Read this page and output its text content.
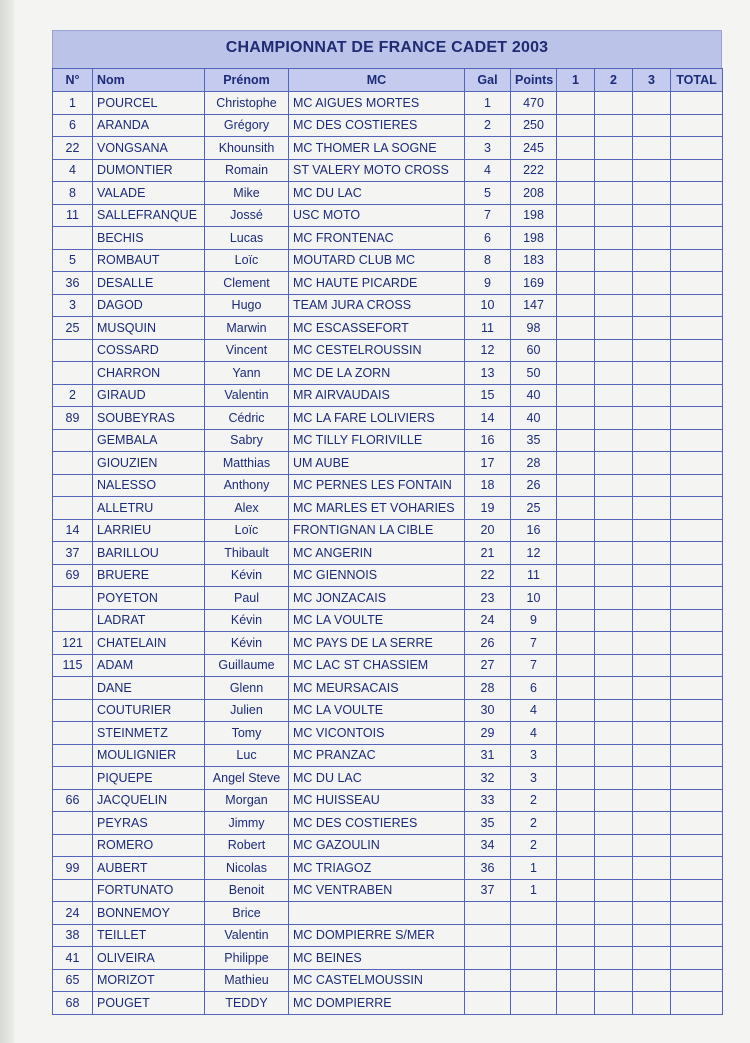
CHAMPIONNAT DE FRANCE CADET 2003
N°	Nom	Prénom	MC	Gal	Points	1	2	3	TOTAL
1	POURCEL	Christophe	MC AIGUES MORTES	1	470				
6	ARANDA	Grégory	MC DES COSTIERES	2	250				
22	VONGSANA	Khounsith	MC THOMER LA SOGNE	3	245				
4	DUMONTIER	Romain	ST VALERY MOTO CROSS	4	222				
8	VALADE	Mike	MC DU LAC	5	208				
11	SALLEFRANQUE	Jossé	USC MOTO	7	198				
	BECHIS	Lucas	MC FRONTENAC	6	198				
5	ROMBAUT	Loïc	MOUTARD CLUB MC	8	183				
36	DESALLE	Clement	MC HAUTE PICARDE	9	169				
3	DAGOD	Hugo	TEAM JURA CROSS	10	147				
25	MUSQUIN	Marwin	MC ESCASSEFORT	11	98				
	COSSARD	Vincent	MC CESTELROUSSIN	12	60				
	CHARRON	Yann	MC DE LA ZORN	13	50				
2	GIRAUD	Valentin	MR AIRVAUDAIS	15	40				
89	SOUBEYRAS	Cédric	MC LA FARE LOLIVIERS	14	40				
	GEMBALA	Sabry	MC TILLY FLORIVILLE	16	35				
	GIOUZIEN	Matthias	UM AUBE	17	28				
	NALESSO	Anthony	MC PERNES LES FONTAIN	18	26				
	ALLETRU	Alex	MC MARLES ET VOHARIES	19	25				
14	LARRIEU	Loïc	FRONTIGNAN LA CIBLE	20	16				
37	BARILLOU	Thibault	MC ANGERIN	21	12				
69	BRUERE	Kévin	MC GIENNOIS	22	11				
	POYETON	Paul	MC JONZACAIS	23	10				
	LADRAT	Kévin	MC LA VOULTE	24	9				
121	CHATELAIN	Kévin	MC PAYS DE LA SERRE	26	7				
115	ADAM	Guillaume	MC LAC ST CHASSIEM	27	7				
	DANE	Glenn	MC MEURSACAIS	28	6				
	COUTURIER	Julien	MC LA VOULTE	30	4				
	STEINMETZ	Tomy	MC VICONTOIS	29	4				
	MOULIGNIER	Luc	MC PRANZAC	31	3				
	PIQUEPE	Angel Steve	MC DU LAC	32	3				
66	JACQUELIN	Morgan	MC HUISSEAU	33	2				
	PEYRAS	Jimmy	MC DES COSTIERES	35	2				
	ROMERO	Robert	MC GAZOULIN	34	2				
99	AUBERT	Nicolas	MC TRIAGOZ	36	1				
	FORTUNATO	Benoit	MC VENTRABEN	37	1				
24	BONNEMOY	Brice							
38	TEILLET	Valentin	MC DOMPIERRE S/MER						
41	OLIVEIRA	Philippe	MC BEINES						
65	MORIZOT	Mathieu	MC CASTELMOUSSIN						
68	POUGET	TEDDY	MC DOMPIERRE						
